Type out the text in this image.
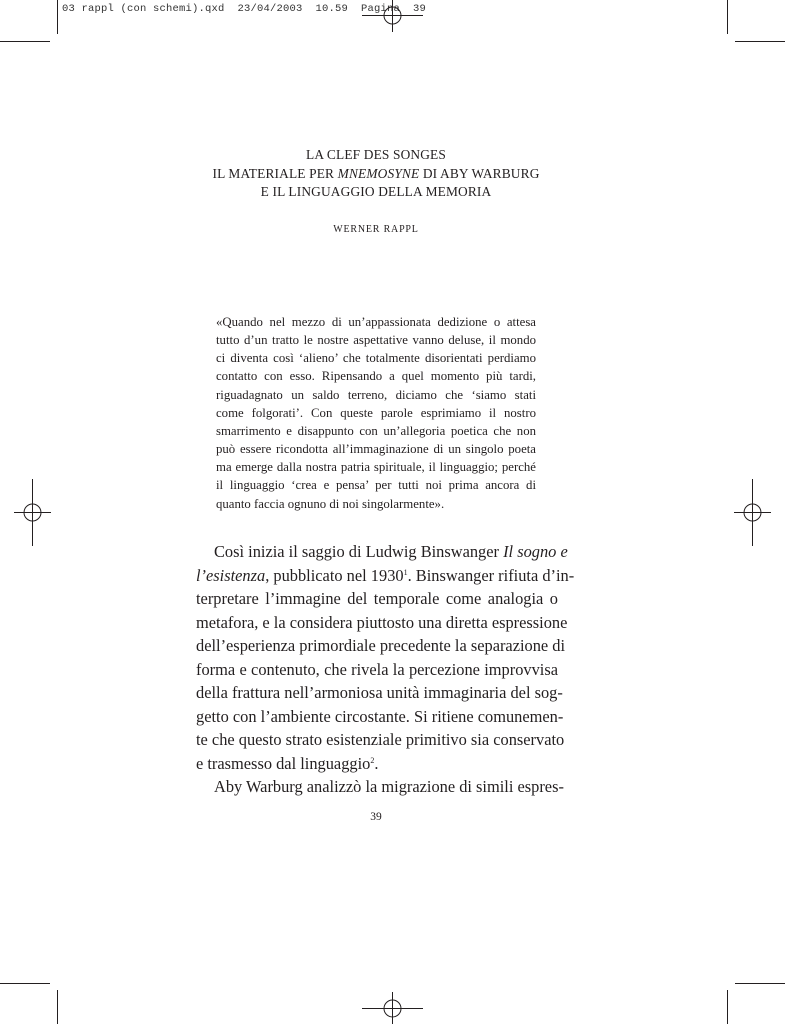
03 rappl (con schemi).qxd  23/04/2003  10.59  Pagina  39
LA CLEF DES SONGES
IL MATERIALE PER MNEMOSYNE DI ABY WARBURG
E IL LINGUAGGIO DELLA MEMORIA
WERNER RAPPL
«Quando nel mezzo di un’appassionata dedizione o attesa
tutto d’un tratto le nostre aspettative vanno deluse, il mondo
ci diventa così ‘alieno’ che totalmente disorientati perdiamo
contatto con esso. Ripensando a quel momento più tardi,
riguadagnato un saldo terreno, diciamo che ‘siamo stati
come folgorati’. Con queste parole esprimiamo il nostro
smarrimento e disappunto con un’allegoria poetica che non
può essere ricondotta all’immaginazione di un singolo poeta
ma emerge dalla nostra patria spirituale, il linguaggio; perché
il linguaggio ‘crea e pensa’ per tutti noi prima ancora di
quanto faccia ognuno di noi singolarmente».
Così inizia il saggio di Ludwig Binswanger Il sogno e
l’esistenza, pubblicato nel 1930$^1$. Binswanger rifiuta d’in-
terpretare l’immagine del temporale come analogia o
metafora, e la considera piuttosto una diretta espressione
dell’esperienza primordiale precedente la separazione di
forma e contenuto, che rivela la percezione improvvisa
della frattura nell’armoniosa unità immaginaria del sog-
getto con l’ambiente circostante. Si ritiene comunemen-
te che questo strato esistenziale primitivo sia conservato
e trasmesso dal linguaggio$^2$.
Aby Warburg analizzò la migrazione di simili espres-
39
